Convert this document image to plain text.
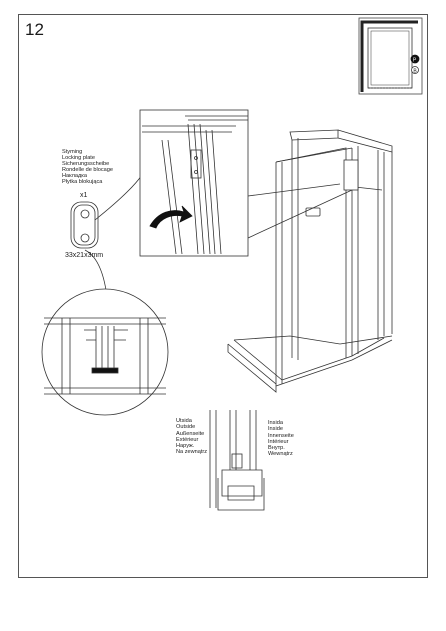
12
P
B
Styming
Locking plate
Sicherungsscheibe
Rondelle de blocage
Накладка
Płytka blokująca
x1
33x21x3mm
Utsida
Outside
Außenseite
Extérieur
Наруж.
Na zewnątrz
Insida
Inside
Innenseite
Intérieur
Внутр.
Wewnątrz
